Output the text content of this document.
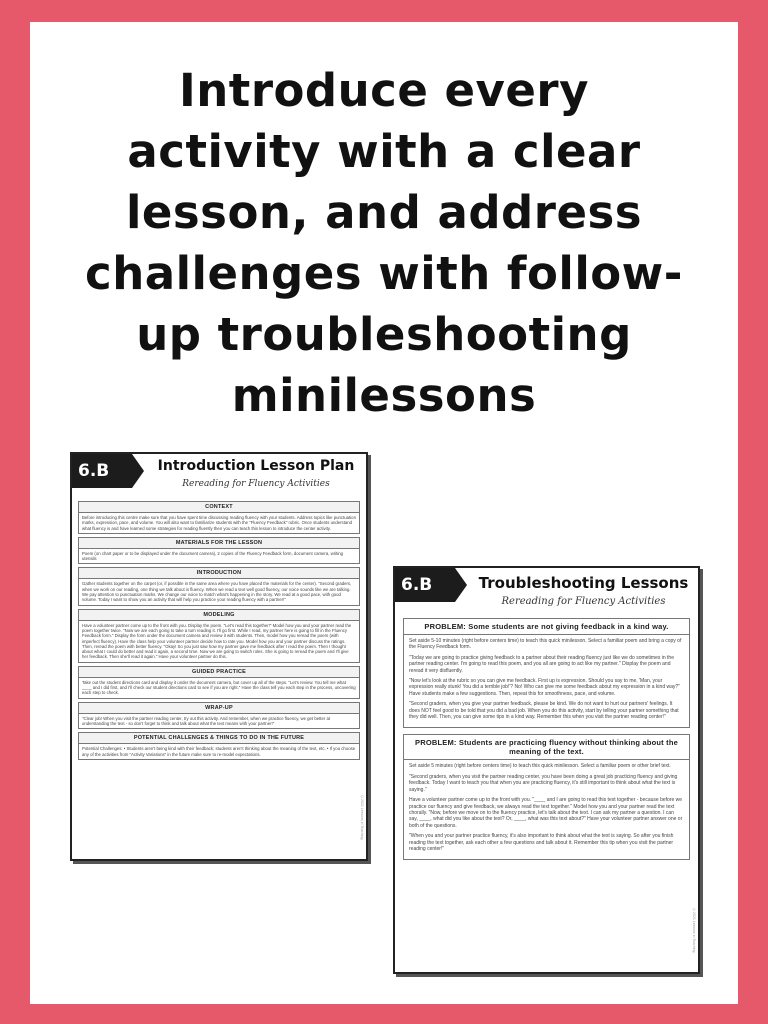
Introduce every
activity with a clear
lesson, and address
challenges with follow-
up troubleshooting
minilessons
6.B	Introduction Lesson Plan
Rereading for Fluency Activities
CONTEXT
Before introducing this centre make sure that you have spent time discussing reading fluency with your students. Address topics like punctuation marks, expression, pace, and volume. You will also want to familiarize students with the "Fluency Feedback" rubric. Once students understand what fluency is and have learned some strategies for reading fluently then you can teach this lesson to introduce the center activity.
MATERIALS FOR THE LESSON
Poem (on chart paper or to be displayed under the document camera), 2 copies of the Fluency Feedback form, document camera, writing utensils
INTRODUCTION
Gather students together on the carpet (or, if possible in the same area where you have placed the materials for the center). "Second graders, when we work on our reading, one thing we talk about is fluency. When we read a text well good fluency, our voice sounds like we are talking. We pay attention to punctuation marks. We change our voice to match what's happening in the story. We read at a good pace, with good volume. Today I want to show you an activity that will help you practice your reading fluency with a partner!"
MODELING
Have a volunteer partner come up to the front with you. Display the poem. "Let's read this together!" Model how you and your partner read the poem together twice. "Now we are each going to take a turn reading it. I'll go first. While I read, my partner here is going to fill in the Fluency Feedback form." Display the form under the document camera and review it with students. Then, model how you reread the poem (with imperfect fluency). Have the class help your volunteer partner decide how to rate you. Model how you and your partner discuss the ratings. Then, reread the poem with better fluency. "Okay! So you just saw how my partner gave me feedback after I read the poem. Then I thought about what I could do better and read it again, a second time. Now we are going to switch roles. She is going to reread the poem and I'll give her feedback. Then she'll read it again." Have your volunteer partner do this.
GUIDED PRACTICE
Take out the student directions card and display it under the document camera, but cover up all of the steps. "Let's review. You tell me what ____ and I did first, and I'll check our student directions card to see if you are right." Have the class tell you each step in the process, uncovering each step to check.
WRAP-UP
"Clear job! When you visit the partner reading center, try out this activity. And remember, when we practice fluency, we get better at understanding the text - so don't forget to think and talk about what the text means with your partner!"
POTENTIAL CHALLENGES & THINGS TO DO IN THE FUTURE
Potential Challenges: • Students aren't being kind with their feedback; students aren't thinking about the meaning of the text, etc. • If you choose any of the activities from "Activity Variations" in the future make sure to re-model expectations.
©2021 Lessons in Teaching
6.B	Troubleshooting Lessons
Rereading for Fluency Activities
PROBLEM: Some students are not giving feedback in a kind way.

Set aside 5-10 minutes (right before centers time) to teach this quick minilesson. Select a familiar poem and bring a copy of the Fluency Feedback form.

"Today we are going to practice giving feedback to a partner about their reading fluency just like we do sometimes in the partner reading center. I'm going to read this poem, and you all are going to act like my partner." Display the poem and reread it very disfluently.

"Now let's look at the rubric so you can give me feedback. First up is expression. Should you say to me, 'Man, your expression really stunk! You did a terrible job!'? No! Who can give me some feedback about my expression in a kind way?" Have students make a few suggestions. Then, repeat this for smoothness, pace, and volume.

"Second graders, when you give your partner feedback, please be kind. We do not want to hurt our partners' feelings. It does NOT feel good to be told that you did a bad job. When you do this activity, start by telling your partner something that they did well. Then, you can give some tips in a kind way. Remember this when you visit the partner reading center!"

PROBLEM: Students are practicing fluency without thinking about the meaning of the text.

Set aside 5 minutes (right before centers time) to teach this quick minilesson. Select a familiar poem or other brief text.

"Second graders, when you visit the partner reading center, you have been doing a great job practicing fluency and giving feedback. Today I want to teach you that when you are practicing fluency, it's still important to think about what the text is saying."

Have a volunteer partner come up to the front with you. "____ and I are going to read this text together - because before we practice our fluency and give feedback, we always read the text together." Model how you and your partner read the text chorally. "Now, before we move on to the fluency practice, let's talk about the text. I can ask my partner a question. I can say, ____, what did you like about the text? Or, ____, what was this text about?" Have your volunteer partner answer one or both of the questions.

"When you and your partner practice fluency, it's also important to think about what the text is saying. So after you finish reading the text together, ask each other a few questions and talk about it. Remember this tip when you visit the partner reading center!"

©2021 Lessons in Teaching
